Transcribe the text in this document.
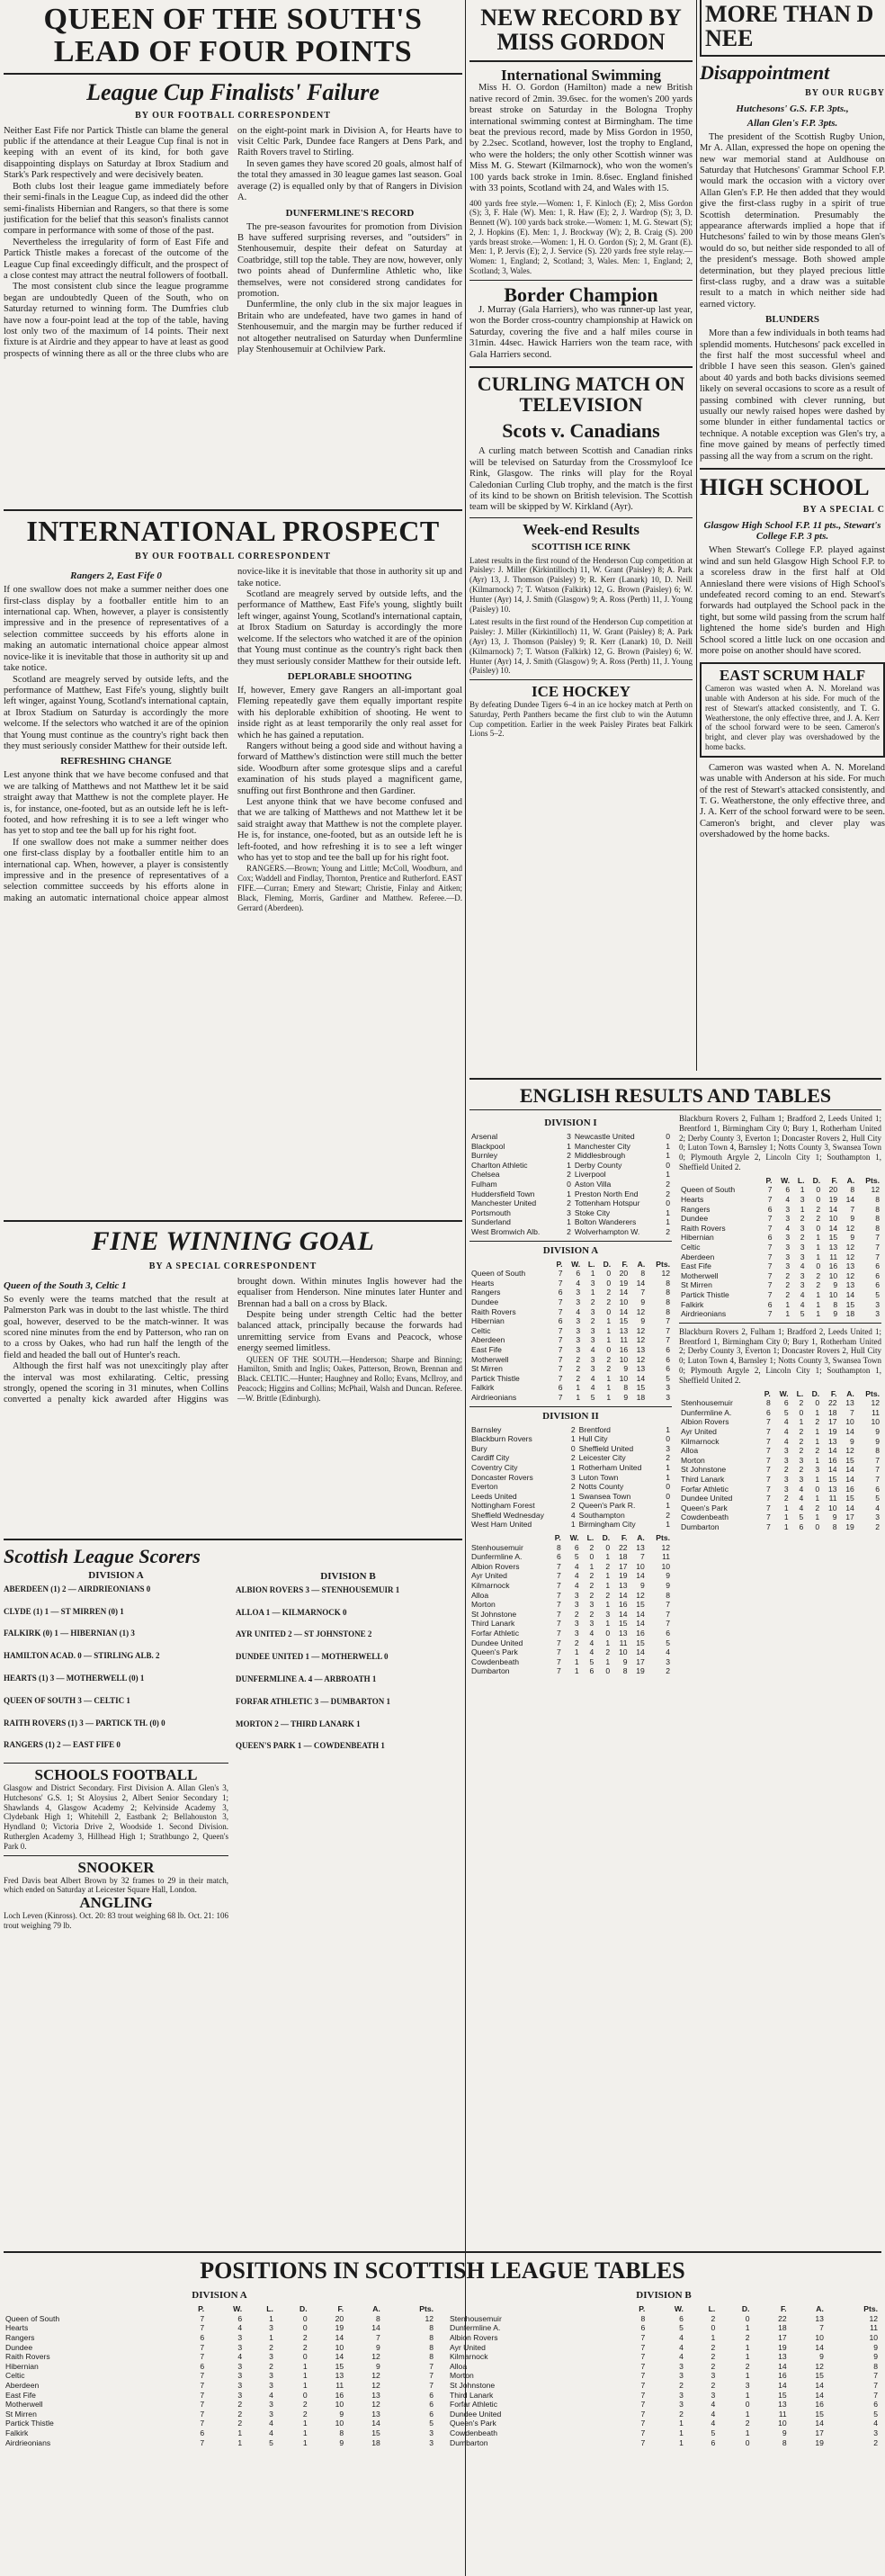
QUEEN OF THE SOUTH'S LEAD OF FOUR POINTS
League Cup Finalists' Failure
BY OUR FOOTBALL CORRESPONDENT

Neither East Fife nor Partick Thistle can blame the general public if the attendance at their League Cup final is not in keeping with an event of its kind, for both gave disappointing displays on Saturday at Ibrox Stadium and Stark's Park respectively and were decisively beaten.

Both clubs lost their league game immediately before their semi-finals in the League Cup, as indeed did the other semi-finalists Hibernian and Rangers, so that there is some justification for the belief that this season's finalists cannot compare in performance with some of those of the past.

Nevertheless the irregularity of form of East Fife and Partick Thistle makes a forecast of the outcome of the League Cup final exceedingly difficult, and the prospect of a close contest may attract the neutral followers of football.

The most consistent club since the league programme began are undoubtedly Queen of the South, who on Saturday returned to winning form. The Dumfries club have now a four-point lead at the top of the table, having lost only two of the maximum of 14 points. Their next fixture is at Airdrie and they appear to have at least as good prospects of winning there as all or the three clubs who are on the eight-point mark in Division A, for Hearts have to visit Celtic Park, Dundee face Rangers at Dens Park, and Raith Rovers travel to Stirling.

In seven games they have scored 20 goals, almost half of the total they amassed in 30 league games last season. Goal average (2) is equalled only by that of Rangers in Division A.

DUNFERMLINE'S RECORD

The pre-season favourites for promotion from Division B have suffered surprising reverses, and "outsiders" in Stenhousemuir, despite their defeat on Saturday at Coatbridge, still top the table. They are now, however, only two points ahead of Dunfermline Athletic who, like themselves, were not considered strong candidates for promotion.

Dunfermline, the only club in the six major leagues in Britain who are undefeated, have two games in hand of Stenhousemuir, and the margin may be further reduced if not altogether neutralised on Saturday when Dunfermline play Stenhousemuir at Ochilview Park.

INTERNATIONAL PROSPECT
BY OUR FOOTBALL CORRESPONDENT
Rangers 2, East Fife 0

If one swallow does not make a summer neither does one first-class display by a footballer entitle him to an international cap. When, however, a player is consistently impressive and in the presence of representatives of a selection committee succeeds by his efforts alone in making an automatic international choice appear almost novice-like it is inevitable that those in authority sit up and take notice.

Scotland are meagrely served by outside lefts, and the performance of Matthew, East Fife's young, slightly built left winger, against Young, Scotland's international captain, at Ibrox Stadium on Saturday is accordingly the more welcome. If the selectors who watched it are of the opinion that Young must continue as the country's right back then they must seriously consider Matthew for their outside left.

REFRESHING CHANGE

Lest anyone think that we have become confused and that we are talking of Matthews and not Matthew let it be said straight away that Matthew is not the complete player. He is, for instance, one-footed, but as an outside left he is left-footed, and how refreshing it is to see a left winger who has yet to stop and tee the ball up for his right foot.

If one swallow does not make a summer neither does one first-class display by a footballer entitle him to an international cap. When, however, a player is consistently impressive and in the presence of representatives of a selection committee succeeds by his efforts alone in making an automatic international choice appear almost novice-like it is inevitable that those in authority sit up and take notice.

Scotland are meagrely served by outside lefts, and the performance of Matthew, East Fife's young, slightly built left winger, against Young, Scotland's international captain, at Ibrox Stadium on Saturday is accordingly the more welcome. If the selectors who watched it are of the opinion that Young must continue as the country's right back then they must seriously consider Matthew for their outside left.

DEPLORABLE SHOOTING

If, however, Emery gave Rangers an all-important goal Fleming repeatedly gave them equally important respite with his deplorable exhibition of shooting. He went to inside right as at least temporarily the only real asset for which he has gained a reputation.

Rangers without being a good side and without having a forward of Matthew's distinction were still much the better side. Woodburn after some grotesque slips and a careful examination of his studs played a magnificent game, snuffing out first Bonthrone and then Gardiner.

Lest anyone think that we have become confused and that we are talking of Matthews and not Matthew let it be said straight away that Matthew is not the complete player. He is, for instance, one-footed, but as an outside left he is left-footed, and how refreshing it is to see a left winger who has yet to stop and tee the ball up for his right foot.

RANGERS.—Brown; Young and Little; McColl, Woodburn, and Cox; Waddell and Findlay, Thornton, Prentice and Rutherford. EAST FIFE.—Curran; Emery and Stewart; Christie, Finlay and Aitken; Black, Fleming, Morris, Gardiner and Matthew. Referee.—D. Gerrard (Aberdeen).

FINE WINNING GOAL
BY A SPECIAL CORRESPONDENT
Queen of the South 3, Celtic 1

So evenly were the teams matched that the result at Palmerston Park was in doubt to the last whistle. The third goal, however, deserved to be the match-winner. It was scored nine minutes from the end by Patterson, who ran on to a cross by Oakes, who had run half the length of the field and headed the ball out of Hunter's reach.

Although the first half was not unexcitingly play after the interval was most exhilarating. Celtic, pressing strongly, opened the scoring in 31 minutes, when Collins converted a penalty kick awarded after Higgins was brought down. Within minutes Inglis however had the equaliser from Henderson. Nine minutes later Hunter and Brennan had a ball on a cross by Black.

Despite being under strength Celtic had the better balanced attack, principally because the forwards had unremitting service from Evans and Peacock, whose energy seemed limitless.

QUEEN OF THE SOUTH.—Henderson; Sharpe and Binning; Hamilton, Smith and Inglis; Oakes, Patterson, Brown, Brennan and Black. CELTIC.—Hunter; Haughney and Rollo; Evans, McIlroy, and Peacock; Higgins and Collins; McPhail, Walsh and Duncan. Referee.—W. Brittle (Edinburgh).

Scottish League Scorers
DIVISION A
ABERDEEN (1) 2 — AIRDRIEONIANS 0
CLYDE (1) 1 — ST MIRREN (0) 1
FALKIRK (0) 1 — HIBERNIAN (1) 3
HAMILTON ACAD. 0 — STIRLING ALB. 2
HEARTS (1) 3 — MOTHERWELL (0) 1
QUEEN OF SOUTH 3 — CELTIC 1
RAITH ROVERS (1) 3 — PARTICK TH. (0) 0
RANGERS (1) 2 — EAST FIFE 0
SCHOOLS FOOTBALL

Glasgow and District Secondary. First Division A. Allan Glen's 3, Hutchesons' G.S. 1; St Aloysius 2, Albert Senior Secondary 1; Shawlands 4, Glasgow Academy 2; Kelvinside Academy 3, Clydebank High 1; Whitehill 2, Eastbank 2; Bellahouston 3, Hyndland 0; Victoria Drive 2, Woodside 1. Second Division. Rutherglen Academy 3, Hillhead High 1; Strathbungo 2, Queen's Park 0.

SNOOKER

Fred Davis beat Albert Brown by 32 frames to 29 in their match, which ended on Saturday at Leicester Square Hall, London.

ANGLING

Loch Leven (Kinross). Oct. 20: 83 trout weighing 68 lb. Oct. 21: 106 trout weighing 79 lb.

DIVISION B
ALBION ROVERS 3 — STENHOUSEMUIR 1
ALLOA 1 — KILMARNOCK 0
AYR UNITED 2 — ST JOHNSTONE 2
DUNDEE UNITED 1 — MOTHERWELL 0
DUNFERMLINE A. 4 — ARBROATH 1
FORFAR ATHLETIC 3 — DUMBARTON 1
MORTON 2 — THIRD LANARK 1
QUEEN'S PARK 1 — COWDENBEATH 1
NEW RECORD BY MISS GORDON
International Swimming

Miss H. O. Gordon (Hamilton) made a new British native record of 2min. 39.6sec. for the women's 200 yards breast stroke on Saturday in the Bologna Trophy international swimming contest at Birmingham. The time beat the previous record, made by Miss Gordon in 1950, by 2.2sec. Scotland, however, lost the trophy to England, who were the holders; the only other Scottish winner was Miss M. G. Stewart (Kilmarnock), who won the women's 100 yards back stroke in 1min. 8.6sec. England finished with 33 points, Scotland with 24, and Wales with 15.

400 yards free style.—Women: 1, F. Kinloch (E); 2, Miss Gordon (S); 3, F. Hale (W). Men: 1, R. Haw (E); 2, J. Wardrop (S); 3, D. Bennett (W). 100 yards back stroke.—Women: 1, M. G. Stewart (S); 2, J. Hopkins (E). Men: 1, J. Brockway (W); 2, B. Craig (S). 200 yards breast stroke.—Women: 1, H. O. Gordon (S); 2, M. Grant (E). Men: 1, P. Jervis (E); 2, J. Service (S). 220 yards free style relay.—Women: 1, England; 2, Scotland; 3, Wales. Men: 1, England; 2, Scotland; 3, Wales.

Border Champion

J. Murray (Gala Harriers), who was runner-up last year, won the Border cross-country championship at Hawick on Saturday, covering the five and a half miles course in 31min. 44sec. Hawick Harriers won the team race, with Gala Harriers second.

CURLING MATCH ON TELEVISION
Scots v. Canadians

A curling match between Scottish and Canadian rinks will be televised on Saturday from the Crossmyloof Ice Rink, Glasgow. The rinks will play for the Royal Caledonian Curling Club trophy, and the match is the first of its kind to be shown on British television. The Scottish team will be skipped by W. Kirkland (Ayr).

Week-end Results
SCOTTISH ICE RINK

Latest results in the first round of the Henderson Cup competition at Paisley: J. Miller (Kirkintilloch) 11, W. Grant (Paisley) 8; A. Park (Ayr) 13, J. Thomson (Paisley) 9; R. Kerr (Lanark) 10, D. Neill (Kilmarnock) 7; T. Watson (Falkirk) 12, G. Brown (Paisley) 6; W. Hunter (Ayr) 14, J. Smith (Glasgow) 9; A. Ross (Perth) 11, J. Young (Paisley) 10.

Latest results in the first round of the Henderson Cup competition at Paisley: J. Miller (Kirkintilloch) 11, W. Grant (Paisley) 8; A. Park (Ayr) 13, J. Thomson (Paisley) 9; R. Kerr (Lanark) 10, D. Neill (Kilmarnock) 7; T. Watson (Falkirk) 12, G. Brown (Paisley) 6; W. Hunter (Ayr) 14, J. Smith (Glasgow) 9; A. Ross (Perth) 11, J. Young (Paisley) 10.

ICE HOCKEY

By defeating Dundee Tigers 6–4 in an ice hockey match at Perth on Saturday, Perth Panthers became the first club to win the Autumn Cup competition. Earlier in the week Paisley Pirates beat Falkirk Lions 5–2.

MORE THAN D NEE
Disappointment
BY OUR RUGBY
Hutchesons' G.S. F.P. 3pts.,
Allan Glen's F.P. 3pts.

The president of the Scottish Rugby Union, Mr A. Allan, expressed the hope on opening the new war memorial stand at Auldhouse on Saturday that Hutchesons' Grammar School F.P. would mark the occasion with a victory over Allan Glen's F.P. He then added that they would give the first-class rugby in a spirit of true Scottish determination. Presumably the appearance afterwards implied a hope that if Hutchesons' failed to win by those means Glen's would do so, but neither side responded to all of the president's message. Both showed ample determination, but they played precious little first-class rugby, and a draw was a suitable result to a match in which neither side had earned victory.

BLUNDERS

More than a few individuals in both teams had splendid moments. Hutchesons' pack excelled in the first half the most successful wheel and dribble I have seen this season. Glen's gained about 40 yards and both backs divisions seemed likely on several occasions to score as a result of passing combined with clever running, but usually our newly raised hopes were dashed by some blunder in either fundamental tactics or technique. A notable exception was Glen's try, a fine move gained by means of perfectly timed passing all the way from a scrum on the right.

HIGH SCHOOL
BY A SPECIAL C
Glasgow High School F.P. 11 pts., Stewart's College F.P. 3 pts.

When Stewart's College F.P. played against wind and sun held Glasgow High School F.P. to a scoreless draw in the first half at Old Anniesland there were visions of High School's undefeated record coming to an end. Stewart's forwards had outplayed the School pack in the tight, but some wild passing from the scrum half lightened the home side's burden and High School scored a little luck on one occasion and more poise on another should have scored.

EAST SCRUM HALF

Cameron was wasted when A. N. Moreland was unable with Anderson at his side. For much of the rest of Stewart's attacked consistently, and T. G. Weatherstone, the only effective three, and J. A. Kerr of the school forward were to be seen. Cameron's bright, and clever play was overshadowed by the home backs.

Cameron was wasted when A. N. Moreland was unable with Anderson at his side. For much of the rest of Stewart's attacked consistently, and T. G. Weatherstone, the only effective three, and J. A. Kerr of the school forward were to be seen. Cameron's bright, and clever play was overshadowed by the home backs.

ENGLISH RESULTS AND TABLES
DIVISION I
Arsenal	3	Newcastle United	0
Blackpool	1	Manchester City	1
Burnley	2	Middlesbrough	1
Charlton Athletic	1	Derby County	0
Chelsea	2	Liverpool	1
Fulham	0	Aston Villa	2
Huddersfield Town	1	Preston North End	2
Manchester United	2	Tottenham Hotspur	0
Portsmouth	3	Stoke City	1
Sunderland	1	Bolton Wanderers	1
West Bromwich Alb.	2	Wolverhampton W.	2
DIVISION A
	P.	W.	L.	D.	F.	A.	Pts.
Queen of South	7	6	1	0	20	8	12
Hearts	7	4	3	0	19	14	8
Rangers	6	3	1	2	14	7	8
Dundee	7	3	2	2	10	9	8
Raith Rovers	7	4	3	0	14	12	8
Hibernian	6	3	2	1	15	9	7
Celtic	7	3	3	1	13	12	7
Aberdeen	7	3	3	1	11	12	7
East Fife	7	3	4	0	16	13	6
Motherwell	7	2	3	2	10	12	6
St Mirren	7	2	3	2	9	13	6
Partick Thistle	7	2	4	1	10	14	5
Falkirk	6	1	4	1	8	15	3
Airdrieonians	7	1	5	1	9	18	3
DIVISION II
Barnsley	2	Brentford	1
Blackburn Rovers	1	Hull City	0
Bury	0	Sheffield United	3
Cardiff City	2	Leicester City	2
Coventry City	1	Rotherham United	1
Doncaster Rovers	3	Luton Town	1
Everton	2	Notts County	0
Leeds United	1	Swansea Town	0
Nottingham Forest	2	Queen's Park R.	1
Sheffield Wednesday	4	Southampton	2
West Ham United	1	Birmingham City	1
	P.	W.	L.	D.	F.	A.	Pts.
Stenhousemuir	8	6	2	0	22	13	12
Dunfermline A.	6	5	0	1	18	7	11
Albion Rovers	7	4	1	2	17	10	10
Ayr United	7	4	2	1	19	14	9
Kilmarnock	7	4	2	1	13	9	9
Alloa	7	3	2	2	14	12	8
Morton	7	3	3	1	16	15	7
St Johnstone	7	2	2	3	14	14	7
Third Lanark	7	3	3	1	15	14	7
Forfar Athletic	7	3	4	0	13	16	6
Dundee United	7	2	4	1	11	15	5
Queen's Park	7	1	4	2	10	14	4
Cowdenbeath	7	1	5	1	9	17	3
Dumbarton	7	1	6	0	8	19	2

Blackburn Rovers 2, Fulham 1; Bradford 2, Leeds United 1; Brentford 1, Birmingham City 0; Bury 1, Rotherham United 2; Derby County 3, Everton 1; Doncaster Rovers 2, Hull City 0; Luton Town 4, Barnsley 1; Notts County 3, Swansea Town 0; Plymouth Argyle 2, Lincoln City 1; Southampton 1, Sheffield United 2.

	P.	W.	L.	D.	F.	A.	Pts.
Queen of South	7	6	1	0	20	8	12
Hearts	7	4	3	0	19	14	8
Rangers	6	3	1	2	14	7	8
Dundee	7	3	2	2	10	9	8
Raith Rovers	7	4	3	0	14	12	8
Hibernian	6	3	2	1	15	9	7
Celtic	7	3	3	1	13	12	7
Aberdeen	7	3	3	1	11	12	7
East Fife	7	3	4	0	16	13	6
Motherwell	7	2	3	2	10	12	6
St Mirren	7	2	3	2	9	13	6
Partick Thistle	7	2	4	1	10	14	5
Falkirk	6	1	4	1	8	15	3
Airdrieonians	7	1	5	1	9	18	3

Blackburn Rovers 2, Fulham 1; Bradford 2, Leeds United 1; Brentford 1, Birmingham City 0; Bury 1, Rotherham United 2; Derby County 3, Everton 1; Doncaster Rovers 2, Hull City 0; Luton Town 4, Barnsley 1; Notts County 3, Swansea Town 0; Plymouth Argyle 2, Lincoln City 1; Southampton 1, Sheffield United 2.

	P.	W.	L.	D.	F.	A.	Pts.
Stenhousemuir	8	6	2	0	22	13	12
Dunfermline A.	6	5	0	1	18	7	11
Albion Rovers	7	4	1	2	17	10	10
Ayr United	7	4	2	1	19	14	9
Kilmarnock	7	4	2	1	13	9	9
Alloa	7	3	2	2	14	12	8
Morton	7	3	3	1	16	15	7
St Johnstone	7	2	2	3	14	14	7
Third Lanark	7	3	3	1	15	14	7
Forfar Athletic	7	3	4	0	13	16	6
Dundee United	7	2	4	1	11	15	5
Queen's Park	7	1	4	2	10	14	4
Cowdenbeath	7	1	5	1	9	17	3
Dumbarton	7	1	6	0	8	19	2
POSITIONS IN SCOTTISH LEAGUE TABLES
DIVISION A
	P.	W.	L.	D.	F.	A.	Pts.
Queen of South	7	6	1	0	20	8	12
Hearts	7	4	3	0	19	14	8
Rangers	6	3	1	2	14	7	8
Dundee	7	3	2	2	10	9	8
Raith Rovers	7	4	3	0	14	12	8
Hibernian	6	3	2	1	15	9	7
Celtic	7	3	3	1	13	12	7
Aberdeen	7	3	3	1	11	12	7
East Fife	7	3	4	0	16	13	6
Motherwell	7	2	3	2	10	12	6
St Mirren	7	2	3	2	9	13	6
Partick Thistle	7	2	4	1	10	14	5
Falkirk	6	1	4	1	8	15	3
Airdrieonians	7	1	5	1	9	18	3
DIVISION B
	P.	W.	L.	D.	F.	A.	Pts.
Stenhousemuir	8	6	2	0	22	13	12
Dunfermline A.	6	5	0	1	18	7	11
Albion Rovers	7	4	1	2	17	10	10
Ayr United	7	4	2	1	19	14	9
Kilmarnock	7	4	2	1	13	9	9
Alloa	7	3	2	2	14	12	8
Morton	7	3	3	1	16	15	7
St Johnstone	7	2	2	3	14	14	7
Third Lanark	7	3	3	1	15	14	7
Forfar Athletic	7	3	4	0	13	16	6
Dundee United	7	2	4	1	11	15	5
Queen's Park	7	1	4	2	10	14	4
Cowdenbeath	7	1	5	1	9	17	3
Dumbarton	7	1	6	0	8	19	2
